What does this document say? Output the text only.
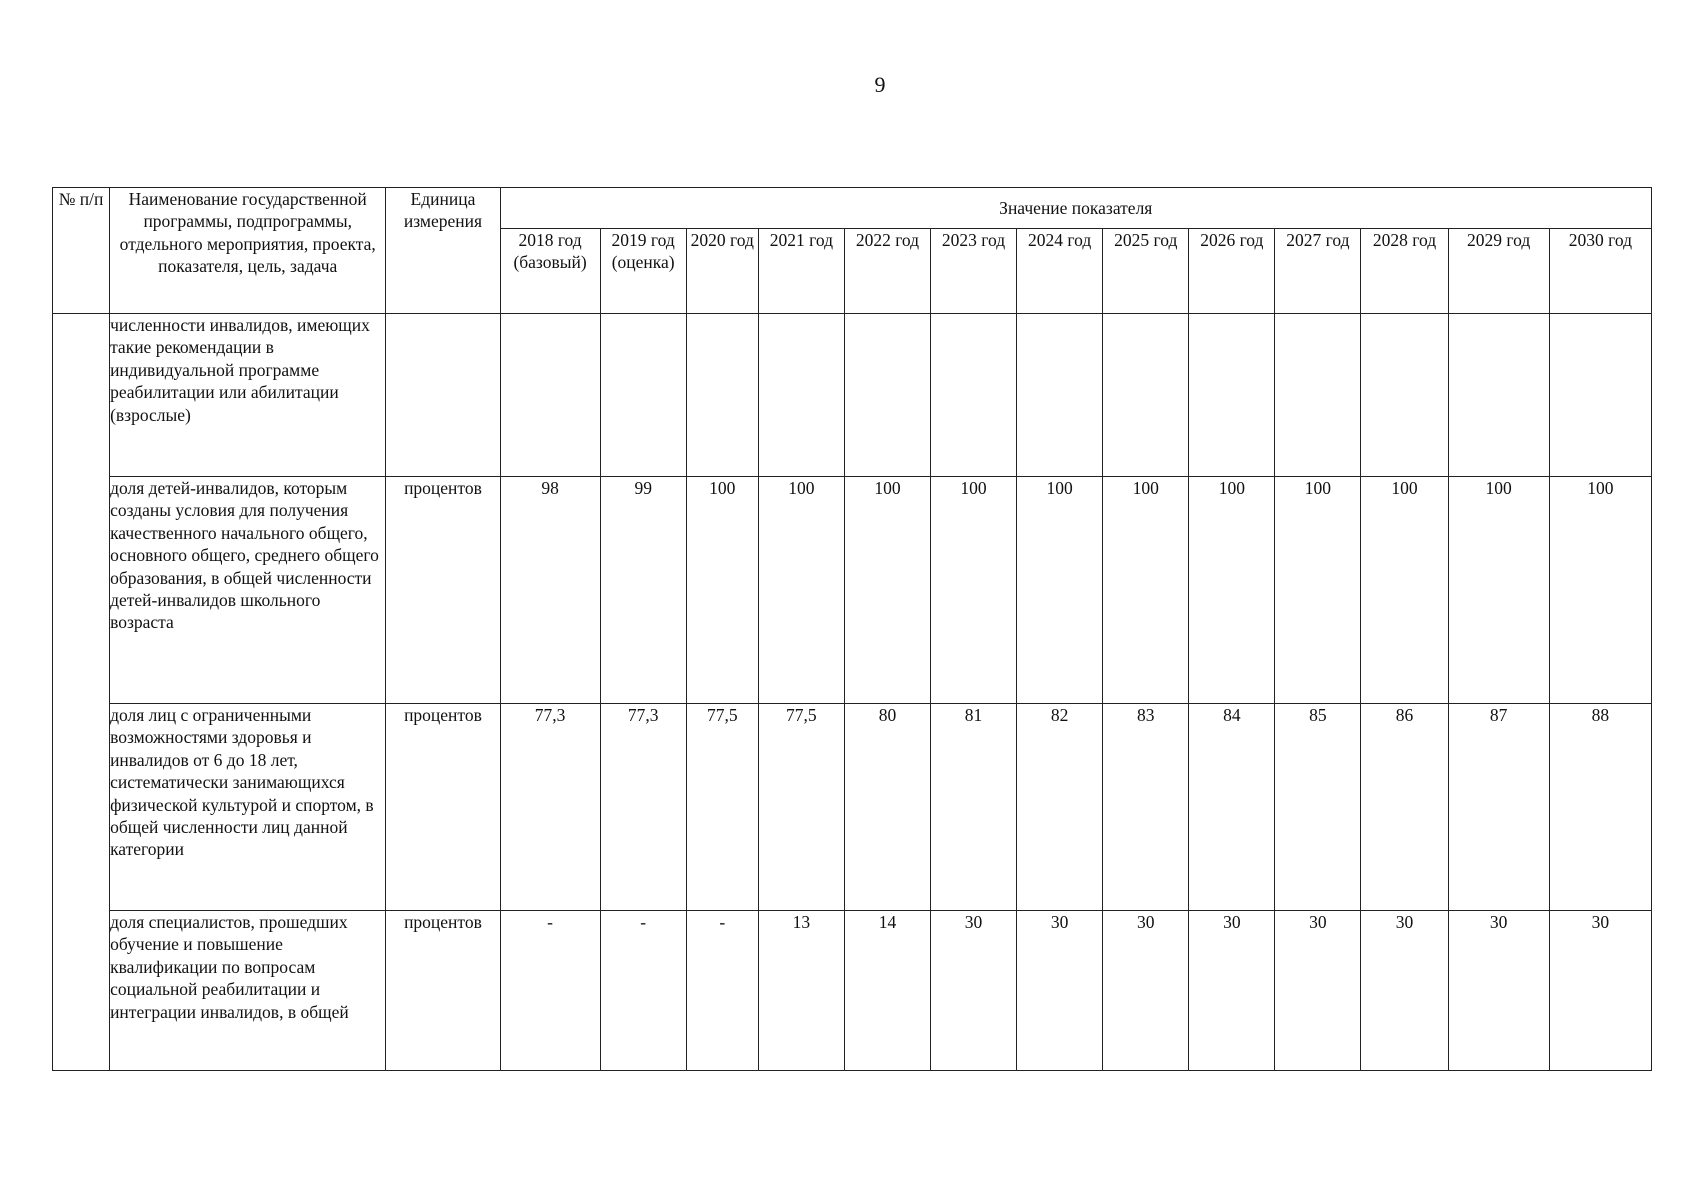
9
№ п/п	Наименование государственной программы, подпрограммы, отдельного мероприятия, проекта, показателя, цель, задача	Единица измерения	Значение показателя												
			2018 год (базовый)	2019 год (оценка)	2020 год	2021 год	2022 год	2023 год	2024 год	2025 год	2026 год	2027 год	2028 год	2029 год	2030 год
	численности инвалидов, имеющих такие рекомендации в индивидуальной программе реабилитации или абилитации (взрослые)														
	доля детей-инвалидов, которым созданы условия для получения качественного начального общего, основного общего, среднего общего образования, в общей численности детей-инвалидов школьного возраста	процентов	98	99	100	100	100	100	100	100	100	100	100	100	100
	доля лиц с ограниченными возможностями здоровья и инвалидов от 6 до 18 лет, систематически занимающихся физической культурой и спортом, в общей численности лиц данной категории	процентов	77,3	77,3	77,5	77,5	80	81	82	83	84	85	86	87	88
	доля специалистов, прошедших обучение и повышение квалификации по вопросам социальной реабилитации и интеграции инвалидов, в общей	процентов	-	-	-	13	14	30	30	30	30	30	30	30	30
